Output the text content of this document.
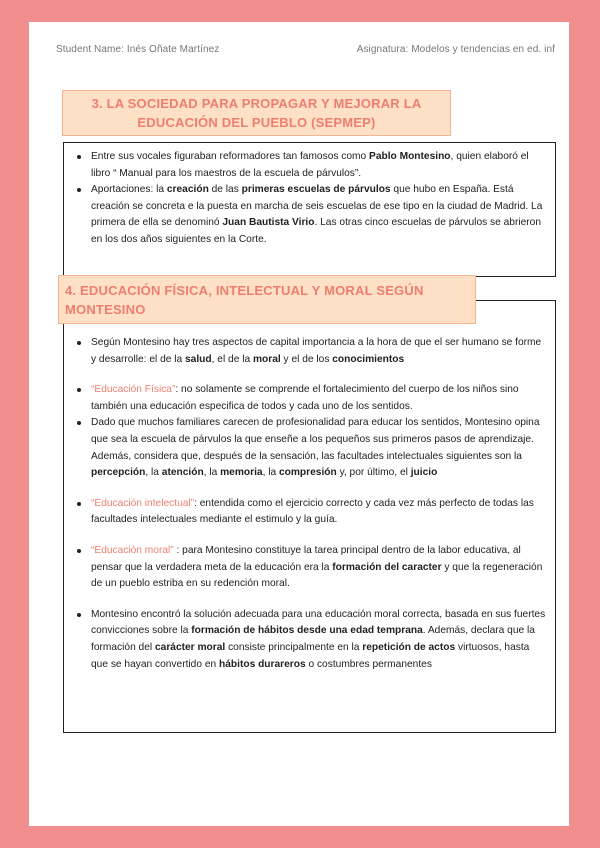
Student Name: Inés Oñate Martínez	Asignatura: Modelos y tendencias en ed. inf
Entre sus vocales figuraban reformadores tan famosos como Pablo Montesino, quien elaboró el libro “ Manual para los maestros de la escuela de párvulos”.
Aportaciones: la creación de las primeras escuelas de párvulos que hubo en España. Está creación se concreta e la puesta en marcha de seis escuelas de ese tipo en la ciudad de Madrid. La primera de ella se denominó Juan Bautista Virio. Las otras cinco escuelas de párvulos se abrieron en los dos años siguientes en la Corte.
3. LA SOCIEDAD PARA PROPAGAR Y MEJORAR LA
EDUCACIÓN DEL PUEBLO (SEPMEP)
Según Montesino hay tres aspectos de capital importancia a la hora de que el ser humano se forme y desarrolle: el de la salud, el de la moral y el de los conocimientos
“Educación Física”: no solamente se comprende el fortalecimiento del cuerpo de los niños sino también una educación especifica de todos y cada uno de los sentidos.
Dado que muchos familiares carecen de profesionalidad para educar los sentidos, Montesino opina que sea la escuela de párvulos la que enseñe a los pequeños sus primeros pasos de aprendizaje. Además, considera que, después de la sensación, las facultades intelectuales siguientes son la percepción, la atención, la memoria, la compresión y, por último, el juicio
“Educación intelectual”: entendida como el ejercicio correcto y cada vez más perfecto de todas las facultades intelectuales mediante el estimulo y la guía.
“Educación moral” : para Montesino constituye la tarea principal dentro de la labor educativa, al pensar que la verdadera meta de la educación era la formación del caracter y que la regeneración de un pueblo estriba en su redención moral.
Montesino encontró la solución adecuada para una educación moral correcta, basada en sus fuertes convicciones sobre la formación de hábitos desde una edad temprana. Además, declara que la formación del carácter moral consiste principalmente en la repetición de actos virtuosos, hasta que se hayan convertido en hábitos durareros o costumbres permanentes
4. EDUCACIÓN FÍSICA, INTELECTUAL Y MORAL SEGÚN
MONTESINO
